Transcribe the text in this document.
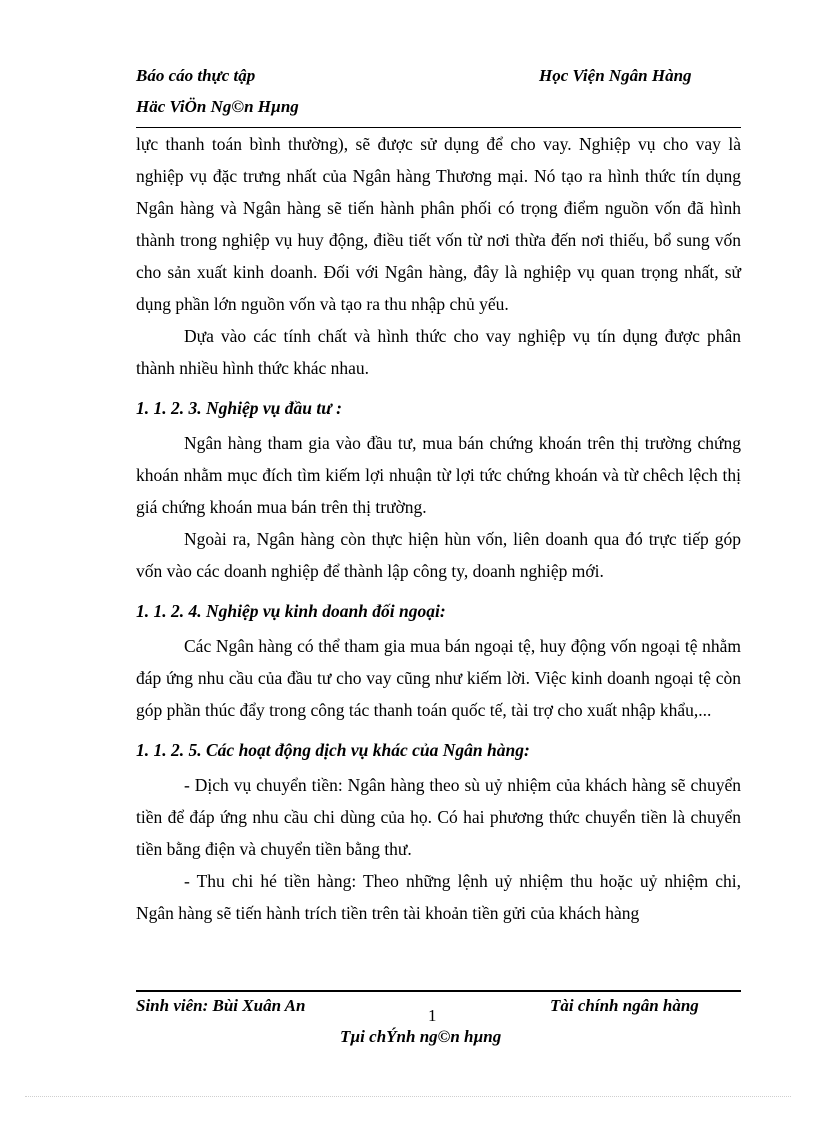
Báo cáo thực tập	Học Viện Ngân Hàng
Häc ViÖn Ng©n Hµng

lực thanh toán bình thường), sẽ được sử dụng để cho vay. Nghiệp vụ cho vay là nghiệp vụ đặc trưng nhất của Ngân hàng Thương mại. Nó tạo ra hình thức tín dụng Ngân hàng và Ngân hàng sẽ tiến hành phân phối có trọng điểm nguồn vốn đã hình thành trong nghiệp vụ huy động, điều tiết vốn từ nơi thừa đến nơi thiếu, bổ sung vốn cho sản xuất kinh doanh. Đối với Ngân hàng, đây là nghiệp vụ quan trọng nhất, sử dụng phần lớn nguồn vốn và tạo ra thu nhập chủ yếu.

Dựa vào các tính chất và hình thức cho vay nghiệp vụ tín dụng được phân thành nhiều hình thức khác nhau.

1. 1. 2. 3. Nghiệp vụ đầu tư :

Ngân hàng tham gia vào đầu tư, mua bán chứng khoán trên thị trường chứng khoán nhằm mục đích tìm kiếm lợi nhuận từ lợi tức chứng khoán và từ chêch lệch thị giá chứng khoán mua bán trên thị trường.

Ngoài ra, Ngân hàng còn thực hiện hùn vốn, liên doanh qua đó trực tiếp góp vốn vào các doanh nghiệp để thành lập công ty, doanh nghiệp mới.

1. 1. 2. 4. Nghiệp vụ kinh doanh đối ngoại:

Các Ngân hàng có thể tham gia mua bán ngoại tệ, huy động vốn ngoại tệ nhằm đáp ứng nhu cầu của đầu tư cho vay cũng như kiếm lời. Việc kinh doanh ngoại tệ còn góp phần thúc đẩy trong công tác thanh toán quốc tế, tài trợ cho xuất nhập khẩu,...

1. 1. 2. 5. Các hoạt động dịch vụ khác của Ngân hàng:

- Dịch vụ chuyển tiền: Ngân hàng theo sù uỷ nhiệm của khách hàng sẽ chuyển tiền để đáp ứng nhu cầu chi dùng của họ. Có hai phương thức chuyển tiền là chuyển tiền bằng điện và chuyển tiền bằng thư.

- Thu chi hé tiền hàng: Theo những lệnh uỷ nhiệm thu hoặc uỷ nhiệm chi, Ngân hàng sẽ tiến hành trích tiền trên tài khoản tiền gửi của khách hàng

Sinh viên: Bùi Xuân An	Tài chính ngân hàng
1
Tµi chÝnh ng©n hµng
